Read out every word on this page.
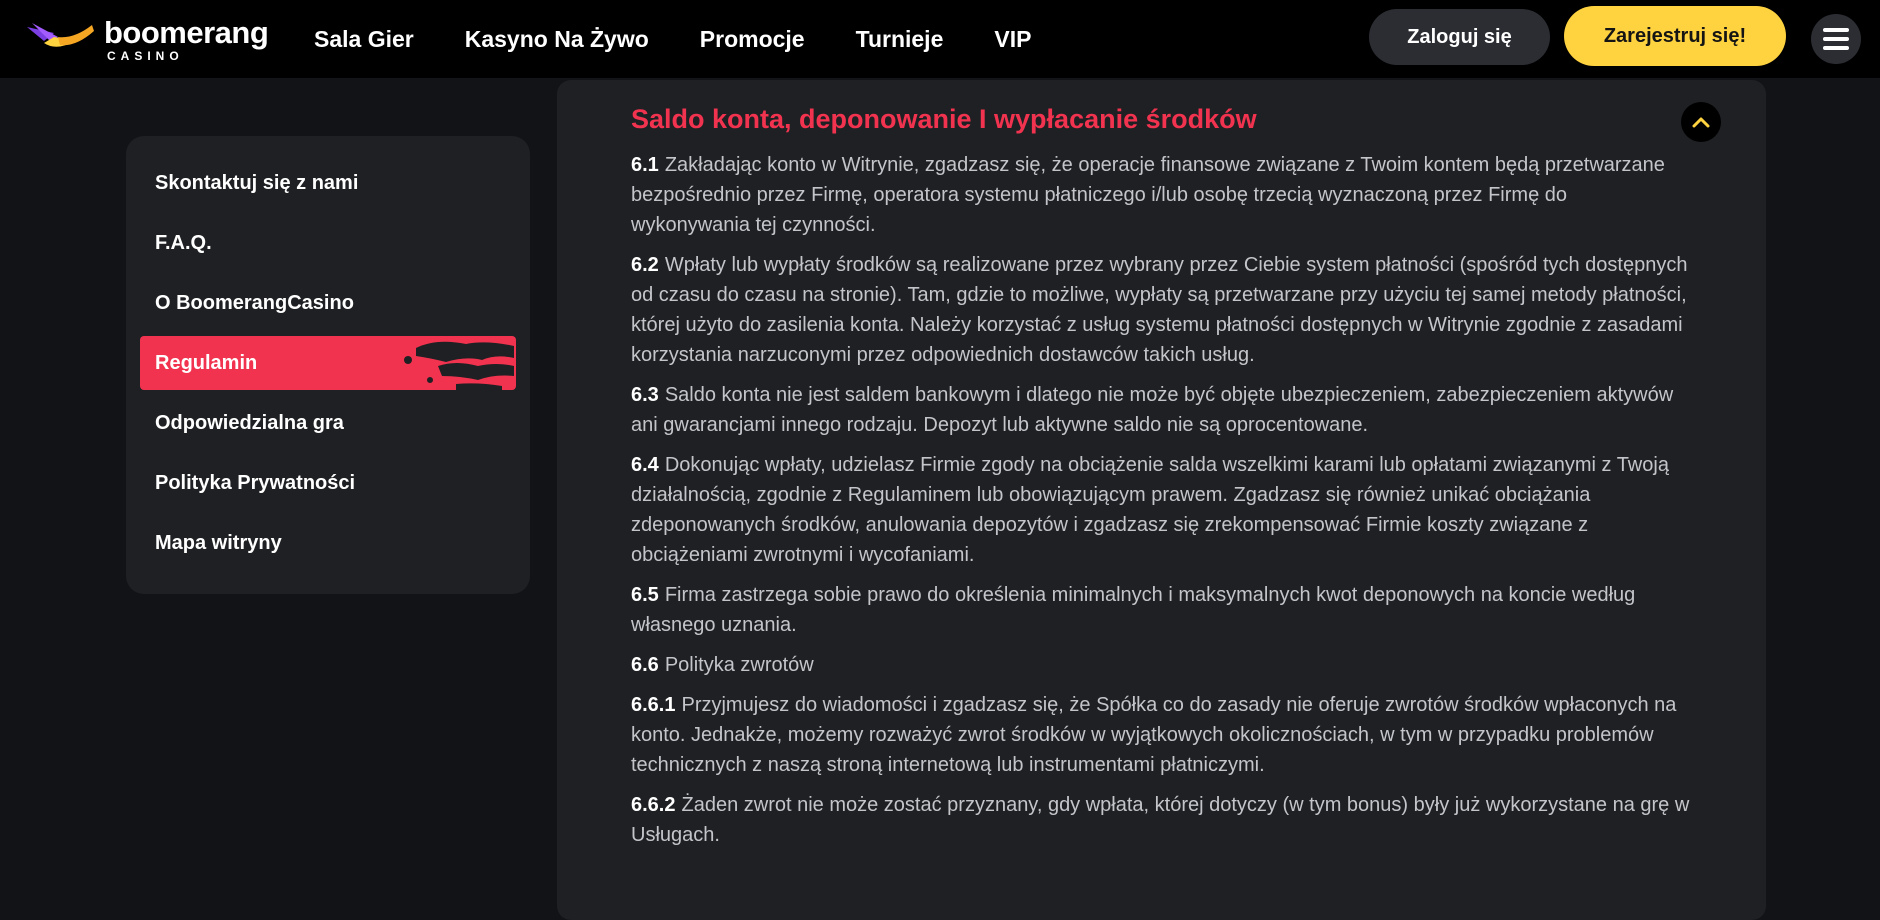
boomerang
CASINO
Sala Gier Kasyno Na Żywo Promocje Turnieje VIP	Zaloguj się	Zarejestruj się!
Skontaktuj się z nami
F.A.Q.
O BoomerangCasino
Regulamin
Odpowiedzialna gra
Polityka Prywatności
Mapa witryny
Saldo konta, deponowanie I wypłacanie środków

6.1 Zakładając konto w Witrynie, zgadzasz się, że operacje finansowe związane z Twoim kontem będą przetwarzane bezpośrednio przez Firmę, operatora systemu płatniczego i/lub osobę trzecią wyznaczoną przez Firmę do wykonywania tej czynności.

6.2 Wpłaty lub wypłaty środków są realizowane przez wybrany przez Ciebie system płatności (spośród tych dostępnych od czasu do czasu na stronie). Tam, gdzie to możliwe, wypłaty są przetwarzane przy użyciu tej samej metody płatności, której użyto do zasilenia konta. Należy korzystać z usług systemu płatności dostępnych w Witrynie zgodnie z zasadami korzystania narzuconymi przez odpowiednich dostawców takich usług.

6.3 Saldo konta nie jest saldem bankowym i dlatego nie może być objęte ubezpieczeniem, zabezpieczeniem aktywów ani gwarancjami innego rodzaju. Depozyt lub aktywne saldo nie są oprocentowane.

6.4 Dokonując wpłaty, udzielasz Firmie zgody na obciążenie salda wszelkimi karami lub opłatami związanymi z Twoją działalnością, zgodnie z Regulaminem lub obowiązującym prawem. Zgadzasz się również unikać obciążania zdeponowanych środków, anulowania depozytów i zgadzasz się zrekompensować Firmie koszty związane z obciążeniami zwrotnymi i wycofaniami.

6.5 Firma zastrzega sobie prawo do określenia minimalnych i maksymalnych kwot deponowych na koncie według własnego uznania.

6.6 Polityka zwrotów

6.6.1 Przyjmujesz do wiadomości i zgadzasz się, że Spółka co do zasady nie oferuje zwrotów środków wpłaconych na konto. Jednakże, możemy rozważyć zwrot środków w wyjątkowych okolicznościach, w tym w przypadku problemów technicznych z naszą stroną internetową lub instrumentami płatniczymi.

6.6.2 Żaden zwrot nie może zostać przyznany, gdy wpłata, której dotyczy (w tym bonus) były już wykorzystane na grę w Usługach.
